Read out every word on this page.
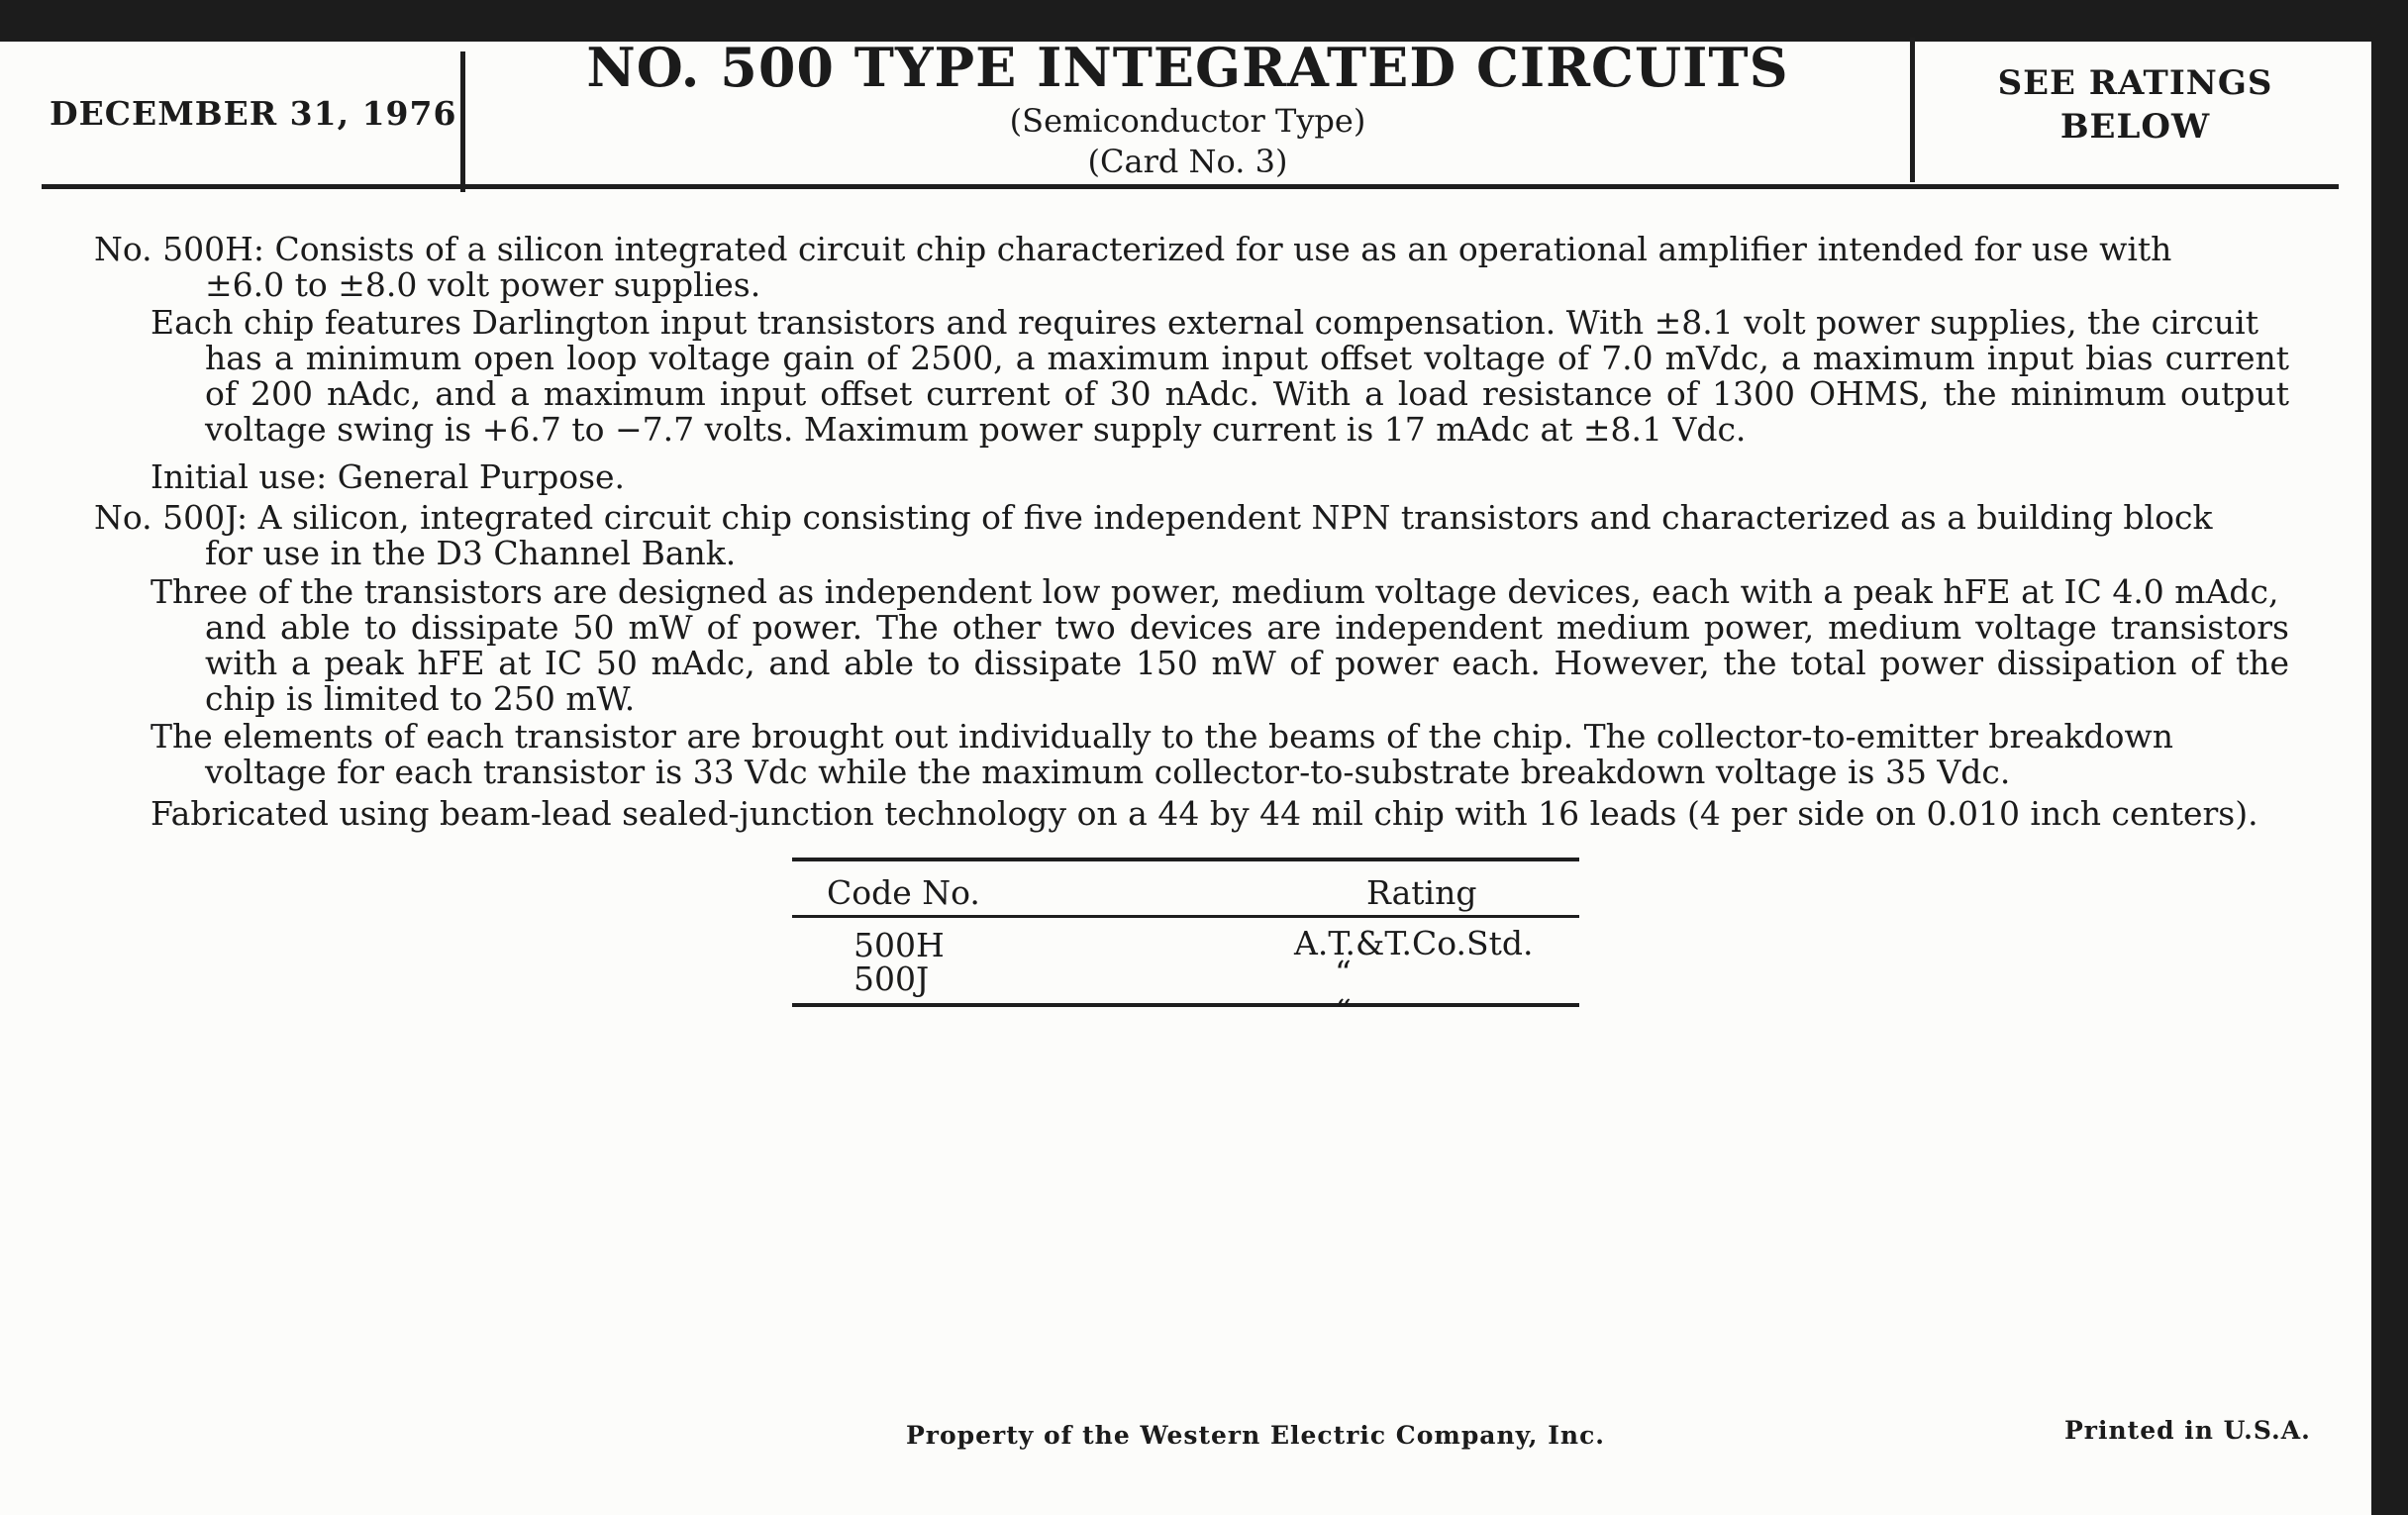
DECEMBER 31, 1976
NO. 500 TYPE INTEGRATED CIRCUITS
(Semiconductor Type)
(Card No. 3)
SEE RATINGS
BELOW
No. 500H: Consists of a silicon integrated circuit chip characterized for use as an operational amplifier intended for use with
±6.0 to ±8.0 volt power supplies.
Each chip features Darlington input transistors and requires external compensation. With ±8.1 volt power supplies, the circuit
has a minimum open loop voltage gain of 2500, a maximum input offset voltage of 7.0 mVdc, a maximum input bias current of 200 nAdc, and a maximum input offset current of 30 nAdc. With a load resistance of 1300 OHMS, the minimum output voltage swing is +6.7 to −7.7 volts. Maximum power supply current is 17 mAdc at ±8.1 Vdc.
Initial use: General Purpose.
No. 500J: A silicon, integrated circuit chip consisting of five independent NPN transistors and characterized as a building block
for use in the D3 Channel Bank.
Three of the transistors are designed as independent low power, medium voltage devices, each with a peak hFE at IC 4.0 mAdc,
and able to dissipate 50 mW of power. The other two devices are independent medium power, medium voltage transistors with a peak hFE at IC 50 mAdc, and able to dissipate 150 mW of power each. However, the total power dissipation of the chip is limited to 250 mW.
The elements of each transistor are brought out individually to the beams of the chip. The collector-to-emitter breakdown
voltage for each transistor is 33 Vdc while the maximum collector-to-substrate breakdown voltage is 35 Vdc.
Fabricated using beam-lead sealed-junction technology on a 44 by 44 mil chip with 16 leads (4 per side on 0.010 inch centers).
Code No.	Rating
500H
500J
A.T.&T.Co.Std.
“ “
Property of the Western Electric Company, Inc.	Printed in U.S.A.
